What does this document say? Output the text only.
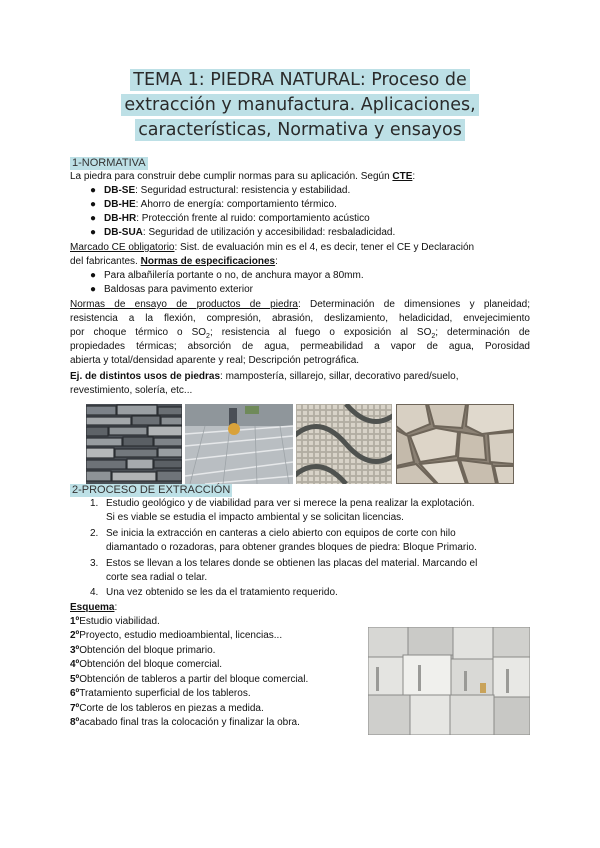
TEMA 1: PIEDRA NATURAL: Proceso de
extracción y manufactura. Aplicaciones,
características, Normativa y ensayos
1-NORMATIVA
La piedra para construir debe cumplir normas para su aplicación. Según CTE:
● DB-SE: Seguridad estructural: resistencia y estabilidad.
● DB-HE: Ahorro de energía: comportamiento térmico.
● DB-HR: Protección frente al ruido: comportamiento acústico
● DB-SUA: Seguridad de utilización y accesibilidad: resbaladicidad.
Marcado CE obligatorio: Sist. de evaluación min es el 4, es decir, tener el CE y Declaración
del fabricantes. Normas de especificaciones:
● Para albañilería portante o no, de anchura mayor a 80mm.
● Baldosas para pavimento exterior
Normas de ensayo de productos de piedra: Determinación de dimensiones y planeidad;
resistencia a la flexión, compresión, abrasión, deslizamiento, heladicidad, envejecimiento
por choque térmico o $SO_2$; resistencia al fuego o exposición al $SO_2$; determinación de
propiedades térmicas; absorción de agua, permeabilidad a vapor de agua, Porosidad
abierta y total/densidad aparente y real; Descripción petrográfica.
Ej. de distintos usos de piedras: mampostería, sillarejo, sillar, decorativo pared/suelo,
revestimiento, solería, etc...
2-PROCESO DE EXTRACCIÓN
1. Estudio geológico y de viabilidad para ver si merece la pena realizar la explotación.
Si es viable se estudia el impacto ambiental y se solicitan licencias.
2. Se inicia la extracción en canteras a cielo abierto con equipos de corte con hilo
diamantado o rozadoras, para obtener grandes bloques de piedra: Bloque Primario.
3. Estos se llevan a los telares donde se obtienen las placas del material. Marcando el
corte sea radial o telar.
4. Una vez obtenido se les da el tratamiento requerido.
Esquema:
1ºEstudio viabilidad.
2ºProyecto, estudio medioambiental, licencias...
3ºObtención del bloque primario.
4ºObtención del bloque comercial.
5ºObtención de tableros a partir del bloque comercial.
6ºTratamiento superficial de los tableros.
7ºCorte de los tableros en piezas a medida.
8ºacabado final tras la colocación y finalizar la obra.
